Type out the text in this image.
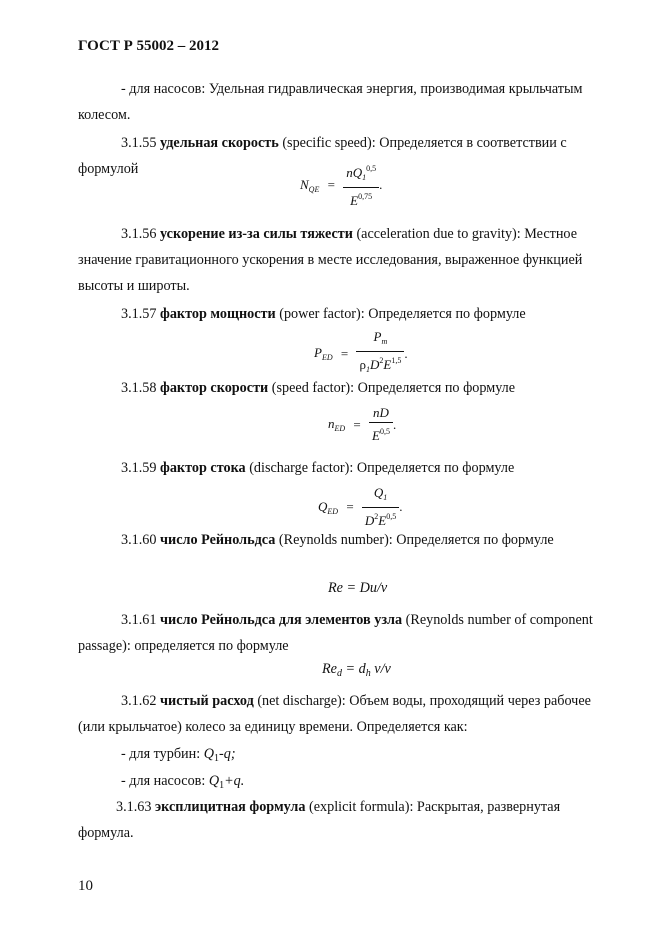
ГОСТ Р 55002 – 2012
- для насосов: Удельная гидравлическая энергия, производимая крыльчатым колесом.
3.1.55 удельная скорость (specific speed): Определяется в соответствии с формулой
$N_{QE} = \frac{nQ_1^{0,5}}{E^{0,75}}$ .
3.1.56 ускорение из-за силы тяжести (acceleration due to gravity): Местное значение гравитационного ускорения в месте исследования, выраженное функцией высоты и широты.
3.1.57 фактор мощности (power factor): Определяется по формуле
$P_{ED} = \frac{P_m}{\rho_1D^2E^{1,5}}$ .
3.1.58 фактор скорости (speed factor): Определяется по формуле
$n_{ED} = \frac{nD}{E^{0,5}}$ .
3.1.59 фактор стока (discharge factor): Определяется по формуле
$Q_{ED} = \frac{Q_1}{D^2E^{0,5}}$ .
3.1.60 число Рейнольдса (Reynolds number): Определяется по формуле
Re = Du/ν
3.1.61 число Рейнольдса для элементов узла (Reynolds number of component passage): определяется по формуле
$Re_d = d_h$ v/ν
3.1.62 чистый расход (net discharge): Объем воды, проходящий через рабочее (или крыльчатое) колесо за единицу времени. Определяется как:
- для турбин: $Q_1-q$;
- для насосов: $Q_1+q$.
3.1.63 эксплицитная формула (explicit formula): Раскрытая, развернутая формула.
10
